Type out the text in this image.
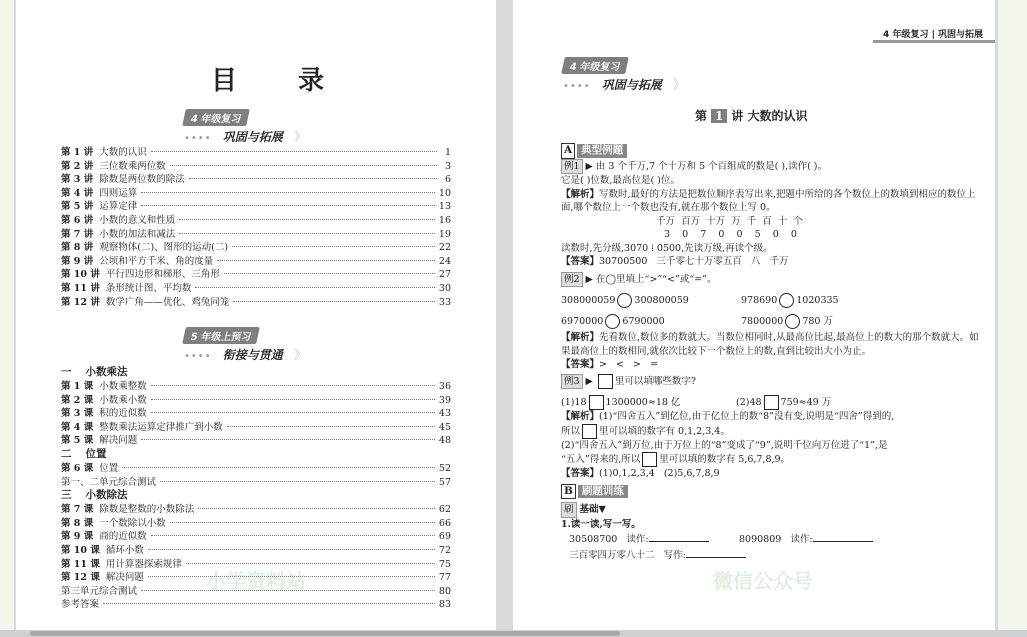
目 录
4 年级复习
•••• 巩固与拓展 》
第 1 讲 大数的认识	1
第 2 讲 三位数乘两位数	3
第 3 讲 除数是两位数的除法	6
第 4 讲 四则运算	10
第 5 讲 运算定律	13
第 6 讲 小数的意义和性质	16
第 7 讲 小数的加法和减法	19
第 8 讲 观察物体(二)、图形的运动(二)	22
第 9 讲 公顷和平方千米、角的度量	24
第 10 讲 平行四边形和梯形、三角形	27
第 11 讲 条形统计图、平均数	30
第 12 讲 数学广角——优化、鸡兔同笼	33
5 年级上预习
•••• 衔接与贯通 》
一 小数乘法
第 1 课 小数乘整数	36
第 2 课 小数乘小数	39
第 3 课 积的近似数	43
第 4 课 整数乘法运算定律推广到小数	45
第 5 课 解决问题	48
二 位置
第 6 课 位置	52
第一、二单元综合测试	57
三 小数除法
第 7 课 除数是整数的小数除法	62
第 8 课 一个数除以小数	66
第 9 课 商的近似数	69
第 10 课 循环小数	72
第 11 课 用计算器探索规律	75
第 12 课 解决问题	77
第三单元综合测试	80
参考答案	83
小学资料站
4 年级复习 | 巩固与拓展
4 年级复习
•••• 巩固与拓展 》
第 1 讲 大数的认识
A 典型例题
例1 ▶ 由 3 个千万,7 个十万和 5 个百组成的数是( ),读作( )。
它是( )位数,最高位是( )位。
【解析】写数时,最好的方法是把数位顺序表写出来,把题中所给的各个数位上的数填到相应的数位上面,哪个数位上一个数也没有,就在那个数位上写 0。
千万  百万  十万  万  千  百  十  个
3    0    7    0    0    5    0    0
读数时,先分级,3070 ⁞ 0500,先读万级,再读个级。
【答案】30700500   三千零七十万零五百   八   千万
例2 ▶ 在◯里填上“>”“<”或“=”。
308000059 300800059	978690 1020335
6970000 6790000	7800000 780 万
【解析】先看数位,数位多的数就大。当数位相同时,从最高位比起,最高位上的数大的那个数就大。如果最高位上的数相同,就依次比较下一个数位上的数,直到比较出大小为止。
【答案】>   <   >   =
例3 ▶ 里可以填哪些数字?
(1)18 1300000≈18 亿	(2)48 759≈49 万
【解析】(1)“四舍五入”到亿位,由于亿位上的数“8”没有变,说明是“四舍”得到的,
所以 里可以填的数字有 0,1,2,3,4。
(2)“四舍五入”到万位,由于万位上的“8”变成了“9”,说明千位向万位进了“1”,是
“五入”得来的,所以 里可以填的数字有 5,6,7,8,9。
【答案】(1)0,1,2,3,4   (2)5,6,7,8,9
B 刷题训练
刷 基础▼
1.读一读,写一写。
30508700 读作:	8090809 读作:
三百零四万零八十二 写作:
微信公众号
